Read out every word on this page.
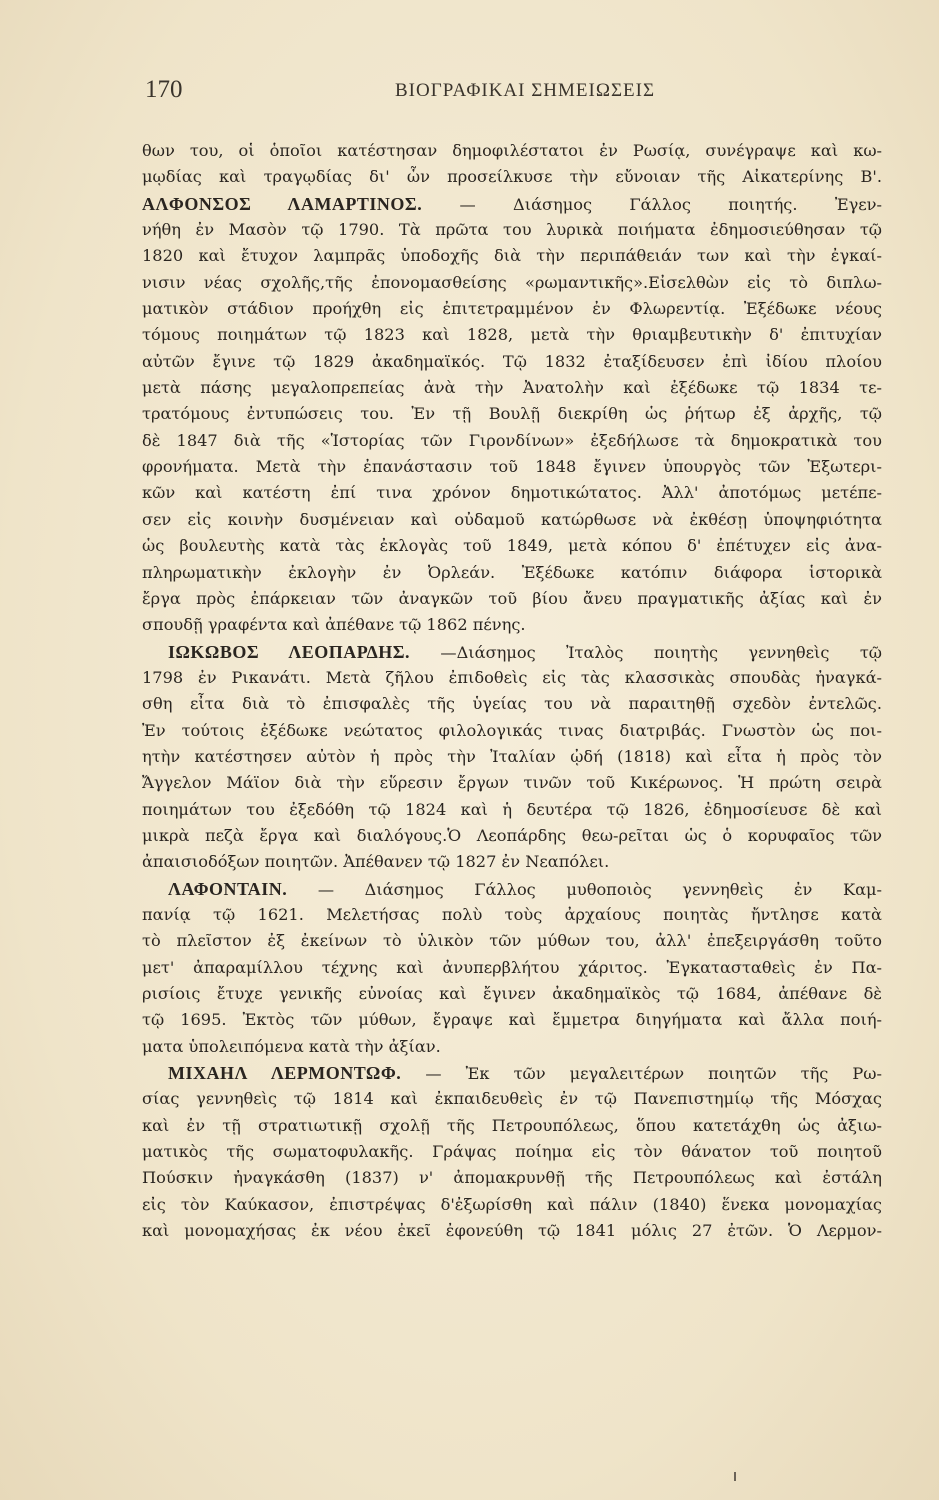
170	ΒΙΟΓΡΑΦΙΚΑΙ ΣΗΜΕΙΩΣΕΙΣ
θων του, οἱ ὁποῖοι κατέστησαν δημοφιλέστατοι ἐν Ρωσίᾳ, συνέγραψε καὶ κω-
μῳδίας καὶ τραγῳδίας δι' ὧν προσείλκυσε τὴν εὔνοιαν τῆς Αἰκατερίνης Β'.
ΑΛΦΟΝΣΟΣ ΛΑΜΑΡΤΙΝΟΣ. — Διάσημος Γάλλος ποιητής. Ἐγεν-
νήθη ἐν Μασὸν τῷ 1790. Τὰ πρῶτα του λυρικὰ ποιήματα ἐδημοσιεύθησαν τῷ
1820 καὶ ἔτυχον λαμπρᾶς ὑποδοχῆς διὰ τὴν περιπάθειάν των καὶ τὴν ἐγκαί-
νισιν νέας σχολῆς,τῆς ἐπονομασθείσης «ρωμαντικῆς».Εἰσελθὼν εἰς τὸ διπλω-
ματικὸν στάδιον προήχθη εἰς ἐπιτετραμμένον ἐν Φλωρεντίᾳ. Ἐξέδωκε νέους
τόμους ποιημάτων τῷ 1823 καὶ 1828, μετὰ τὴν θριαμβευτικὴν δ' ἐπιτυχίαν
αὐτῶν ἔγινε τῷ 1829 ἀκαδημαϊκός. Τῷ 1832 ἐταξίδευσεν ἐπὶ ἰδίου πλοίου
μετὰ πάσης μεγαλοπρεπείας ἀνὰ τὴν Ἀνατολὴν καὶ ἐξέδωκε τῷ 1834 τε-
τρατόμους ἐντυπώσεις του. Ἐν τῇ Βουλῇ διεκρίθη ὡς ῥήτωρ ἐξ ἀρχῆς, τῷ
δὲ 1847 διὰ τῆς «Ἱστορίας τῶν Γιρονδίνων» ἐξεδήλωσε τὰ δημοκρατικὰ του
φρονήματα. Μετὰ τὴν ἐπανάστασιν τοῦ 1848 ἔγινεν ὑπουργὸς τῶν Ἐξωτερι-
κῶν καὶ κατέστη ἐπί τινα χρόνον δημοτικώτατος. Ἀλλ' ἀποτόμως μετέπε-
σεν εἰς κοινὴν δυσμένειαν καὶ οὐδαμοῦ κατώρθωσε νὰ ἐκθέσῃ ὑποψηφιότητα
ὡς βουλευτὴς κατὰ τὰς ἐκλογὰς τοῦ 1849, μετὰ κόπου δ' ἐπέτυχεν εἰς ἀνα-
πληρωματικὴν ἐκλογὴν ἐν Ὀρλεάν. Ἐξέδωκε κατόπιν διάφορα ἱστορικὰ
ἔργα πρὸς ἐπάρκειαν τῶν ἀναγκῶν τοῦ βίου ἄνευ πραγματικῆς ἀξίας καὶ ἐν
σπουδῇ γραφέντα καὶ ἀπέθανε τῷ 1862 πένης.
ΙΩΚΩΒΟΣ ΛΕΟΠΑΡΔΗΣ. —Διάσημος Ἰταλὸς ποιητὴς γεννηθεὶς τῷ
1798 ἐν Ρικανάτι. Μετὰ ζῆλου ἐπιδοθεὶς εἰς τὰς κλασσικὰς σπουδὰς ἠναγκά-
σθη εἶτα διὰ τὸ ἐπισφαλὲς τῆς ὑγείας του νὰ παραιτηθῇ σχεδὸν ἐντελῶς.
Ἐν τούτοις ἐξέδωκε νεώτατος φιλολογικάς τινας διατριβάς. Γνωστὸν ὡς ποι-
ητὴν κατέστησεν αὐτὸν ἡ πρὸς τὴν Ἰταλίαν ᾠδή (1818) καὶ εἶτα ἡ πρὸς τὸν
Ἄγγελον Μάϊον διὰ τὴν εὕρεσιν ἔργων τινῶν τοῦ Κικέρωνος. Ἡ πρώτη σειρὰ
ποιημάτων του ἐξεδόθη τῷ 1824 καὶ ἡ δευτέρα τῷ 1826, ἐδημοσίευσε δὲ καὶ
μικρὰ πεζὰ ἔργα καὶ διαλόγους.Ὁ Λεοπάρδης θεω-ρεῖται ὡς ὁ κορυφαῖος τῶν
ἀπαισιοδόξων ποιητῶν. Ἀπέθανεν τῷ 1827 ἐν Νεαπόλει.
ΛΑΦΟΝΤΑΙΝ. — Διάσημος Γάλλος μυθοποιὸς γεννηθεὶς ἐν Καμ-
πανίᾳ τῷ 1621. Μελετήσας πολὺ τοὺς ἀρχαίους ποιητὰς ἤντλησε κατὰ
τὸ πλεῖστον ἐξ ἐκείνων τὸ ὑλικὸν τῶν μύθων του, ἀλλ' ἐπεξειργάσθη τοῦτο
μετ' ἀπαραμίλλου τέχνης καὶ ἀνυπερβλήτου χάριτος. Ἐγκατασταθεὶς ἐν Πα-
ρισίοις ἔτυχε γενικῆς εὐνοίας καὶ ἔγινεν ἀκαδημαϊκὸς τῷ 1684, ἀπέθανε δὲ
τῷ 1695. Ἐκτὸς τῶν μύθων, ἔγραψε καὶ ἔμμετρα διηγήματα καὶ ἄλλα ποιή-
ματα ὑπολειπόμενα κατὰ τὴν ἀξίαν.
ΜΙΧΑΗΛ ΛΕΡΜΟΝΤΩΦ. — Ἐκ τῶν μεγαλειτέρων ποιητῶν τῆς Ρω-
σίας γεννηθεὶς τῷ 1814 καὶ ἐκπαιδευθεὶς ἐν τῷ Πανεπιστημίῳ τῆς Μόσχας
καὶ ἐν τῇ στρατιωτικῇ σχολῇ τῆς Πετρουπόλεως, ὅπου κατετάχθη ὡς ἀξιω-
ματικὸς τῆς σωματοφυλακῆς. Γράψας ποίημα εἰς τὸν θάνατον τοῦ ποιητοῦ
Πούσκιν ἠναγκάσθη (1837) ν' ἀπομακρυνθῇ τῆς Πετρουπόλεως καὶ ἐστάλη
εἰς τὸν Καύκασον, ἐπιστρέψας δ'ἐξωρίσθη καὶ πάλιν (1840) ἕνεκα μονομαχίας
καὶ μονομαχήσας ἐκ νέου ἐκεῖ ἐφονεύθη τῷ 1841 μόλις 27 ἐτῶν. Ὁ Λερμον-
